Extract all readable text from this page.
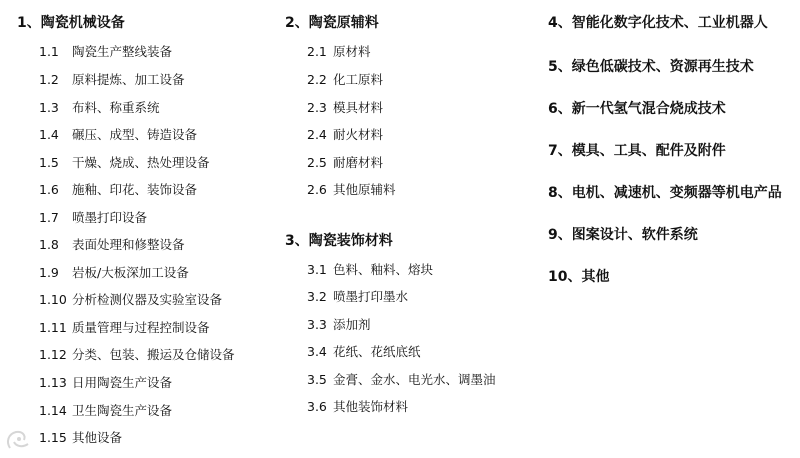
1、陶瓷机械设备
1.1 陶瓷生产整线装备
1.2 原料提炼、加工设备
1.3 布料、称重系统
1.4 碾压、成型、铸造设备
1.5 干燥、烧成、热处理设备
1.6 施釉、印花、装饰设备
1.7 喷墨打印设备
1.8 表面处理和修整设备
1.9 岩板/大板深加工设备
1.10 分析检测仪器及实验室设备
1.11 质量管理与过程控制设备
1.12 分类、包装、搬运及仓储设备
1.13 日用陶瓷生产设备
1.14 卫生陶瓷生产设备
1.15 其他设备
2、陶瓷原辅料
2.1 原材料
2.2 化工原料
2.3 模具材料
2.4 耐火材料
2.5 耐磨材料
2.6 其他原辅料
3、陶瓷装饰材料
3.1 色料、釉料、熔块
3.2 喷墨打印墨水
3.3 添加剂
3.4 花纸、花纸底纸
3.5 金膏、金水、电光水、调墨油
3.6 其他装饰材料
4、智能化数字化技术、工业机器人
5、绿色低碳技术、资源再生技术
6、新一代氢气混合烧成技术
7、模具、工具、配件及附件
8、电机、减速机、变频器等机电产品
9、图案设计、软件系统
10、其他
